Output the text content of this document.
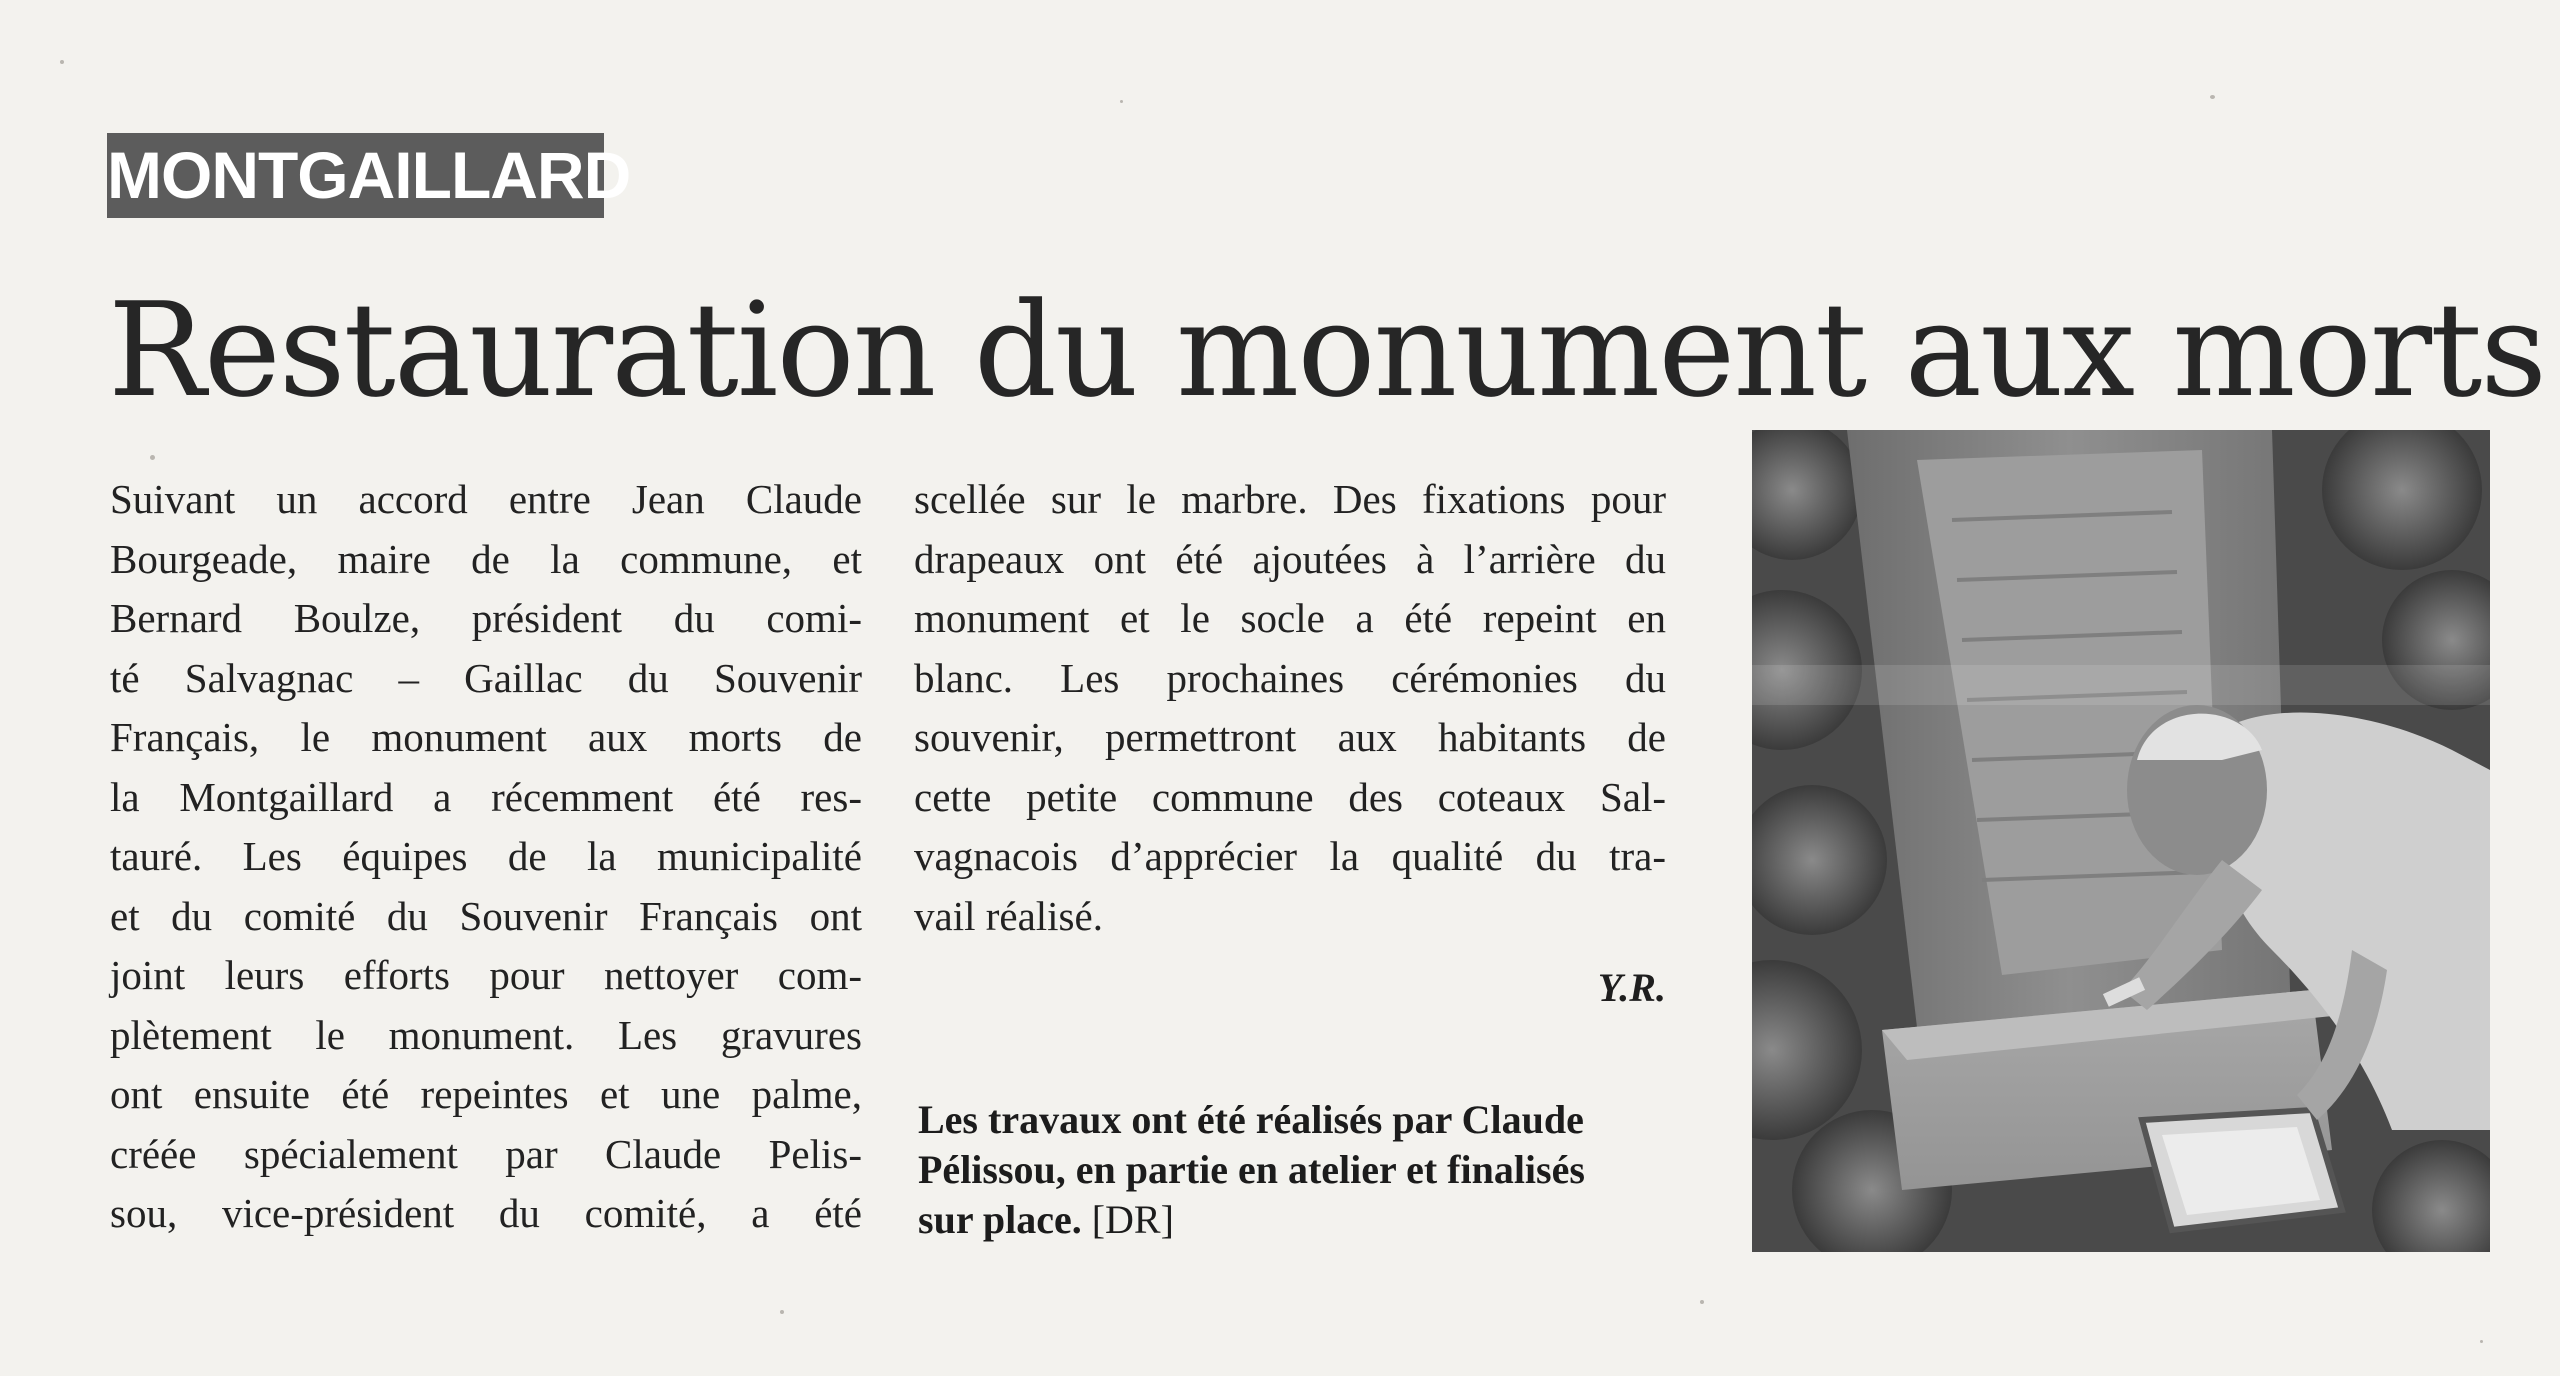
MONTGAILLARD
Restauration du monument aux morts
Suivant un accord entre Jean Claude
Bourgeade, maire de la commune, et
Bernard Boulze, président du comi-
té Salvagnac – Gaillac du Souvenir
Français, le monument aux morts de
la Montgaillard a récemment été res-
tauré. Les équipes de la municipalité
et du comité du Souvenir Français ont
joint leurs efforts pour nettoyer com-
plètement le monument. Les gravures
ont ensuite été repeintes et une palme,
créée spécialement par Claude Pelis-
sou, vice-président du comité, a été
scellée sur le marbre. Des fixations pour
drapeaux ont été ajoutées à l’arrière du
monument et le socle a été repeint en
blanc. Les prochaines cérémonies du
souvenir, permettront aux habitants de
cette petite commune des coteaux Sal-
vagnacois d’apprécier la qualité du tra-
vail réalisé.
Y.R.
Les travaux ont été réalisés par Claude
Pélissou, en partie en atelier et finalisés
sur place. [DR]
